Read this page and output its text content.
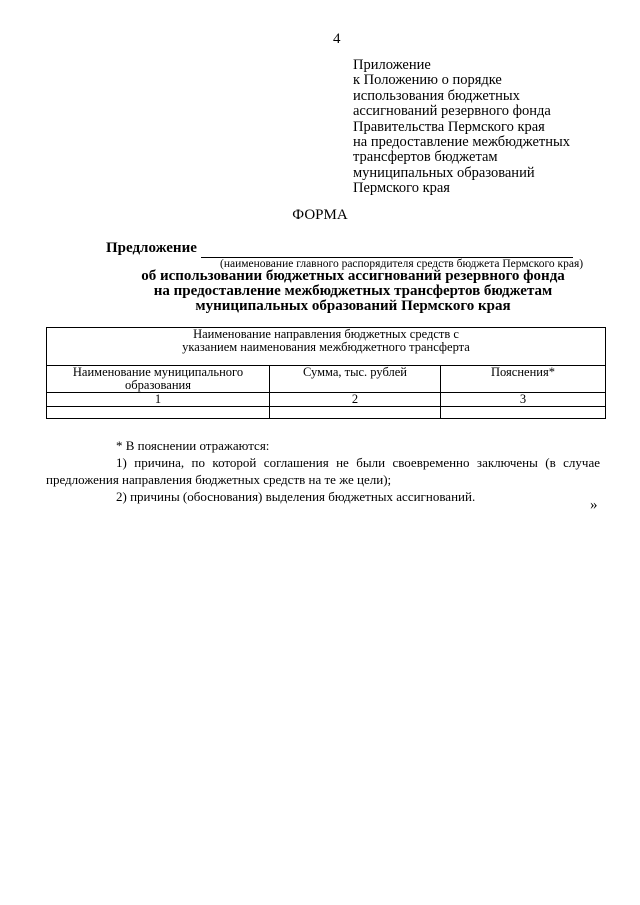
4
Приложение
к Положению о порядке
использования бюджетных
ассигнований резервного фонда
Правительства Пермского края
на предоставление межбюджетных
трансфертов бюджетам
муниципальных образований
Пермского края
ФОРМА
Предложение
(наименование главного распорядителя средств бюджета Пермского края)
об использовании бюджетных ассигнований резервного фонда
на предоставление межбюджетных трансфертов бюджетам
муниципальных образований Пермского края
Наименование направления бюджетных средств с указанием наименования межбюджетного трансферта		
Наименование муниципального образования	Сумма, тыс. рублей	Пояснения*
1	2	3

* В пояснении отражаются:

1) причина, по которой соглашения не были своевременно заключены (в случае предложения направления бюджетных средств на те же цели);

2) причины (обоснования) выделения бюджетных ассигнований.

»
